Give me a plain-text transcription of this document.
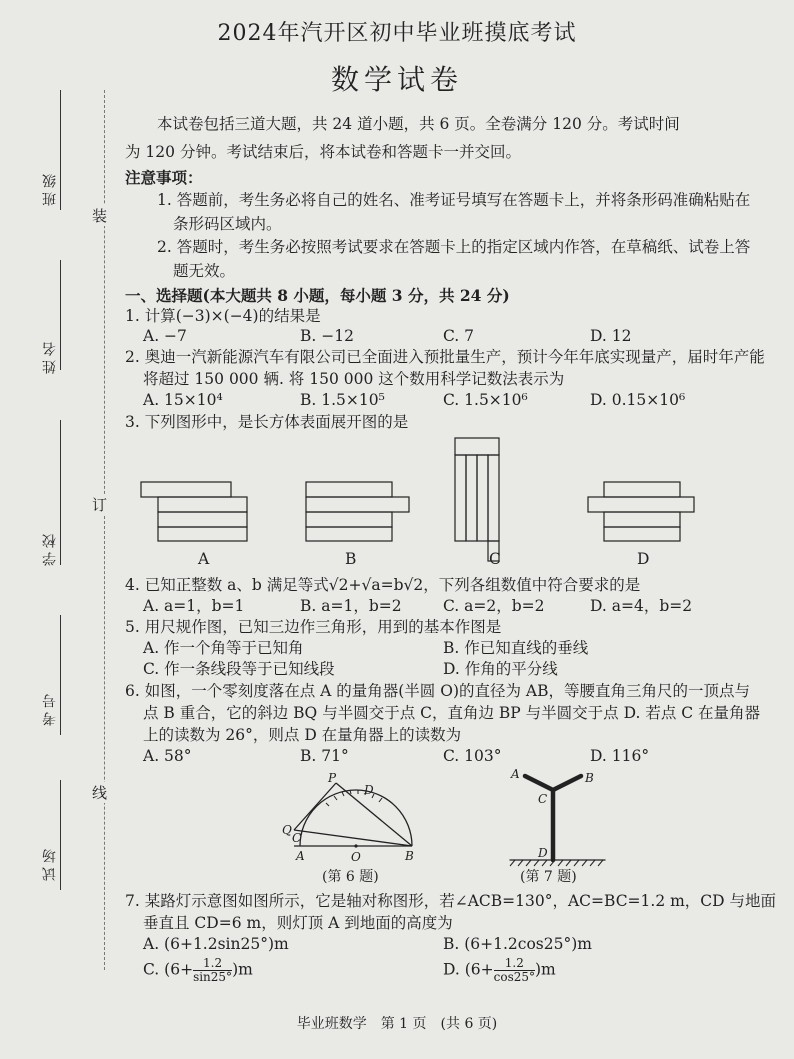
班级
姓名
学校
考号
试场
装
订
线
2024年汽开区初中毕业班摸底考试
数学试卷
本试卷包括三道大题，共 24 道小题，共 6 页。全卷满分 120 分。考试时间
为 120 分钟。考试结束后，将本试卷和答题卡一并交回。
注意事项：
1. 答题前，考生务必将自己的姓名、准考证号填写在答题卡上，并将条形码准确粘贴在
条形码区域内。
2. 答题时，考生务必按照考试要求在答题卡上的指定区域内作答，在草稿纸、试卷上答
题无效。
一、选择题(本大题共 8 小题，每小题 3 分，共 24 分)
1. 计算(−3)×(−4)的结果是
A. −7	B. −12	C. 7	D. 12
2. 奥迪一汽新能源汽车有限公司已全面进入预批量生产，预计今年年底实现量产，届时年产能
将超过 150 000 辆. 将 150 000 这个数用科学记数法表示为
A. 15×10⁴	B. 1.5×10⁵	C. 1.5×10⁶	D. 0.15×10⁶
3. 下列图形中，是长方体表面展开图的是
A	B	C	D
4. 已知正整数 a、b 满足等式√2+√a=b√2，下列各组数值中符合要求的是
A. a=1，b=1	B. a=1，b=2	C. a=2，b=2	D. a=4，b=2
5. 用尺规作图，已知三边作三角形，用到的基本作图是
A. 作一个角等于已知角	B. 作已知直线的垂线
C. 作一条线段等于已知线段	D. 作角的平分线
6. 如图，一个零刻度落在点 A 的量角器(半圆 O)的直径为 AB，等腰直角三角尺的一顶点与
点 B 重合，它的斜边 BQ 与半圆交于点 C，直角边 BP 与半圆交于点 D. 若点 C 在量角器
上的读数为 26°，则点 D 在量角器上的读数为
A. 58°	B. 71°	C. 103°	D. 116°
P
D
Q
C
A	O	B
(第 6 题)
A	B
C
D
(第 7 题)
7. 某路灯示意图如图所示，它是轴对称图形，若∠ACB=130°，AC=BC=1.2 m，CD 与地面
垂直且 CD=6 m，则灯顶 A 到地面的高度为
A. (6+1.2sin25°)m	B. (6+1.2cos25°)m
C. $(6+ \frac{1.2}{\sin 25^\circ} )m$	D. $(6+ \frac{1.2}{\cos 25^\circ} )m$
毕业班数学　第 1 页　(共 6 页)
